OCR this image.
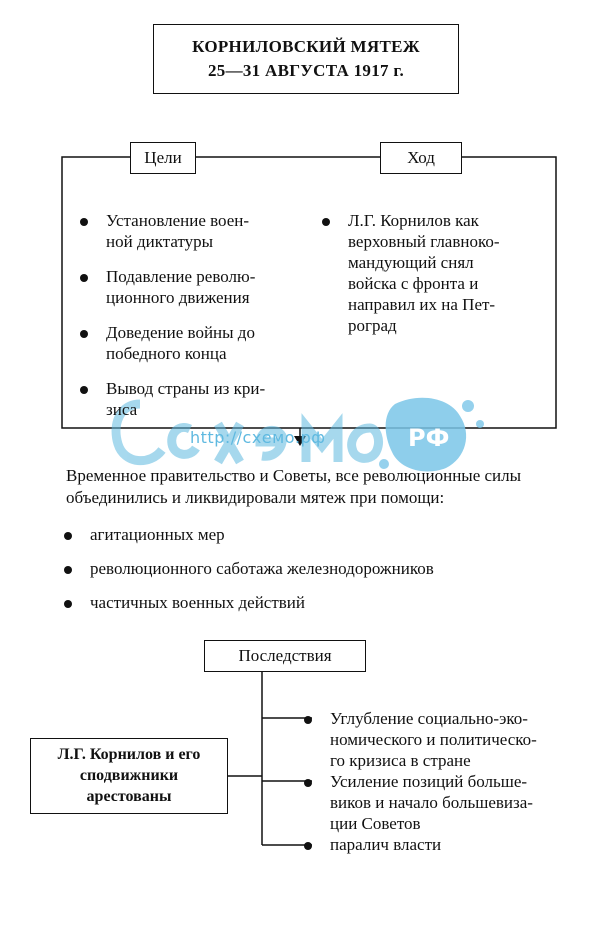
РФ
http://схемо.рф
КОРНИЛОВСКИЙ МЯТЕЖ
25—31 АВГУСТА 1917 г.
Цели	Ход
Установление воен-
ной диктатуры
Подавление револю-
ционного движения
Доведение войны до
победного конца
Вывод страны из кри-
зиса
Л.Г. Корнилов как
верховный главноко-
мандующий снял
войска с фронта и
направил их на Пет-
роград
Временное правительство и Советы, все революционные силы объединились и ликвидировали мятеж при помощи:
агитационных мер
революционного саботажа железнодорожников
частичных военных действий
Последствия
Углубление социально-эко-
номического и политическо-
го кризиса в стране
Усиление позиций больше-
виков и начало большевиза-
ции Советов
паралич власти
Л.Г. Корнилов и его
сподвижники
арестованы
